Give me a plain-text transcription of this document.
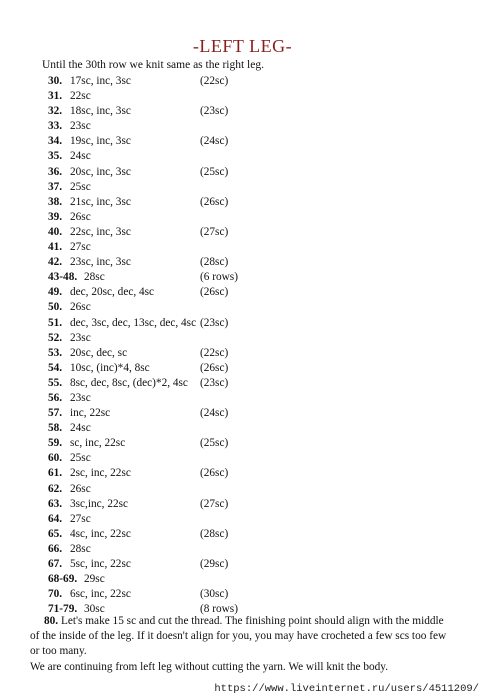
-LEFT LEG-
Until the 30th row we knit same as the right leg.
30. 17sc, inc, 3sc	(22sc)
31. 22sc
32. 18sc, inc, 3sc	(23sc)
33. 23sc
34. 19sc, inc, 3sc	(24sc)
35. 24sc
36. 20sc, inc, 3sc	(25sc)
37. 25sc
38. 21sc, inc, 3sc	(26sc)
39. 26sc
40. 22sc, inc, 3sc	(27sc)
41. 27sc
42. 23sc, inc, 3sc	(28sc)
43-48. 28sc	(6 rows)
49. dec, 20sc, dec, 4sc	(26sc)
50. 26sc
51. dec, 3sc, dec, 13sc, dec, 4sc (23sc)
52. 23sc
53. 20sc, dec, sc	(22sc)
54. 10sc, (inc)*4, 8sc	(26sc)
55. 8sc, dec, 8sc, (dec)*2, 4sc (23sc)
56. 23sc
57. inc, 22sc	(24sc)
58. 24sc
59. sc, inc, 22sc	(25sc)
60. 25sc
61. 2sc, inc, 22sc	(26sc)
62. 26sc
63. 3sc,inc, 22sc	(27sc)
64. 27sc
65. 4sc, inc, 22sc	(28sc)
66. 28sc
67. 5sc, inc, 22sc	(29sc)
68-69. 29sc
70. 6sc, inc, 22sc	(30sc)
71-79. 30sc	(8 rows)
80. Let's make 15 sc and cut the thread. The finishing point should align with the middle of the inside of the leg. If it doesn't align for you, you may have crocheted a few scs too few or too many.
We are continuing from left leg without cutting the yarn. We will knit the body.
https://www.liveinternet.ru/users/4511209/
